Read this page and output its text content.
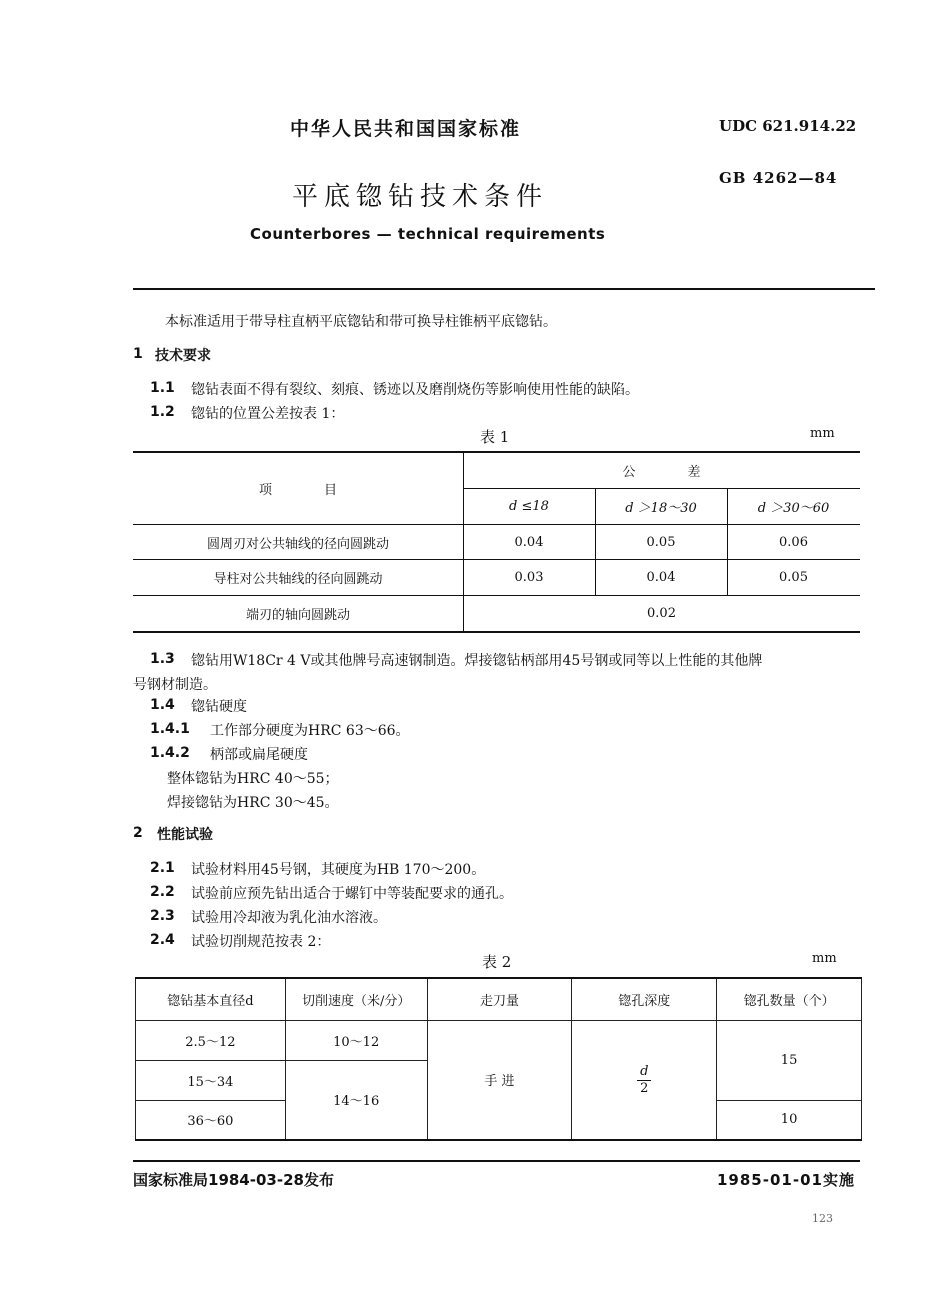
中华人民共和国国家标准	UDC 621.914.22
GB 4262—84
平底锪钻技术条件
Counterbores — technical requirements
本标准适用于带导柱直柄平底锪钻和带可换导柱锥柄平底锪钻。
1 技术要求
1.1 锪钻表面不得有裂纹、刻痕、锈迹以及磨削烧伤等影响使用性能的缺陷。
1.2 锪钻的位置公差按表 1：
表 1	mm
项　　　　目
公　　　　差
d ≤18	d ＞18～30	d ＞30～60
圆周刃对公共轴线的径向圆跳动	0.04	0.05	0.06
导柱对公共轴线的径向圆跳动	0.03	0.04	0.05
端刃的轴向圆跳动	0.02
1.3 锪钻用W18Cr 4 V或其他牌号高速钢制造。焊接锪钻柄部用45号钢或同等以上性能的其他牌
号钢材制造。
1.4 锪钻硬度
1.4.1 工作部分硬度为HRC 63～66。
1.4.2 柄部或扁尾硬度
整体锪钻为HRC 40～55；
焊接锪钻为HRC 30～45。
2 性能试验
2.1 试验材料用45号钢，其硬度为HB 170～200。
2.2 试验前应预先钻出适合于螺钉中等装配要求的通孔。
2.3 试验用冷却液为乳化油水溶液。
2.4 试验切削规范按表 2：
表 2	mm
锪钻基本直径d	切削速度（米/分）	走刀量	锪孔深度	锪孔数量（个）
2.5～12	10～12	手 进	$\frac{d}{2}$	15
15～34	14～16			
36～60				10
国家标准局1984-03-28发布	1985-01-01实施
123
